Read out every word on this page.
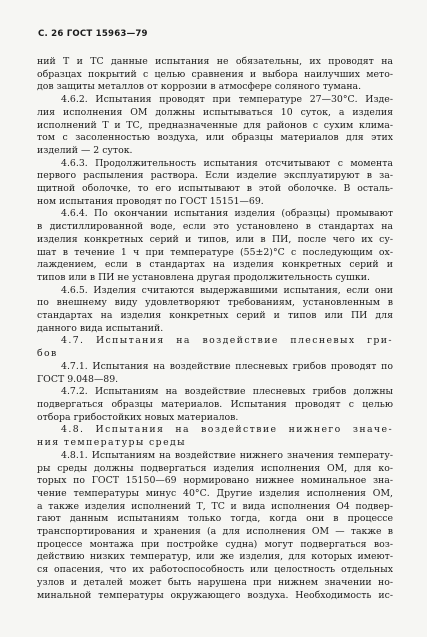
С. 26 ГОСТ 15963—79
ний Т и ТС данные испытания не обязательны, их проводят на
образцах покрытий с целью сравнения и выбора наилучших мето-
дов защиты металлов от коррозии в атмосфере соляного тумана.
4.6.2. Испытания проводят при температуре 27—30°С. Изде-
лия исполнения ОМ должны испытываться 10 суток, а изделия
исполнений Т и ТС, предназначенные для районов с сухим клима-
том с засоленностью воздуха, или образцы материалов для этих
изделий — 2 суток.
4.6.3. Продолжительность испытания отсчитывают с момента
первого распыления раствора. Если изделие эксплуатируют в за-
щитной оболочке, то его испытывают в этой оболочке. В осталь-
ном испытания проводят по ГОСТ 15151—69.
4.6.4. По окончании испытания изделия (образцы) промывают
в дистиллированной воде, если это установлено в стандартах на
изделия конкретных серий и типов, или в ПИ, после чего их су-
шат в течение 1 ч при температуре (55±2)°С с последующим ох-
лаждением, если в стандартах на изделия конкретных серий и
типов или в ПИ не установлена другая продолжительность сушки.
4.6.5. Изделия считаются выдержавшими испытания, если они
по внешнему виду удовлетворяют требованиям, установленным в
стандартах на изделия конкретных серий и типов или ПИ для
данного вида испытаний.
4.7. Испытания на воздействие плесневых гри-
бов
4.7.1. Испытания на воздействие плесневых грибов проводят по
ГОСТ 9.048—89.
4.7.2. Испытаниям на воздействие плесневых грибов должны
подвергаться образцы материалов. Испытания проводят с целью
отбора грибостойких новых материалов.
4.8. Испытания на воздействие нижнего значе-
ния температуры среды
4.8.1. Испытаниям на воздействие нижнего значения температу-
ры среды должны подвергаться изделия исполнения ОМ, для ко-
торых по ГОСТ 15150—69 нормировано нижнее номинальное зна-
чение температуры минус 40°С. Другие изделия исполнения ОМ,
а также изделия исполнений Т, ТС и вида исполнения О4 подвер-
гают данным испытаниям только тогда, когда они в процессе
транспортирования и хранения (а для исполнения ОМ — также в
процессе монтажа при постройке судна) могут подвергаться воз-
действию низких температур, или же изделия, для которых имеют-
ся опасения, что их работоспособность или целостность отдельных
узлов и деталей может быть нарушена при нижнем значении но-
минальной температуры окружающего воздуха. Необходимость ис-
